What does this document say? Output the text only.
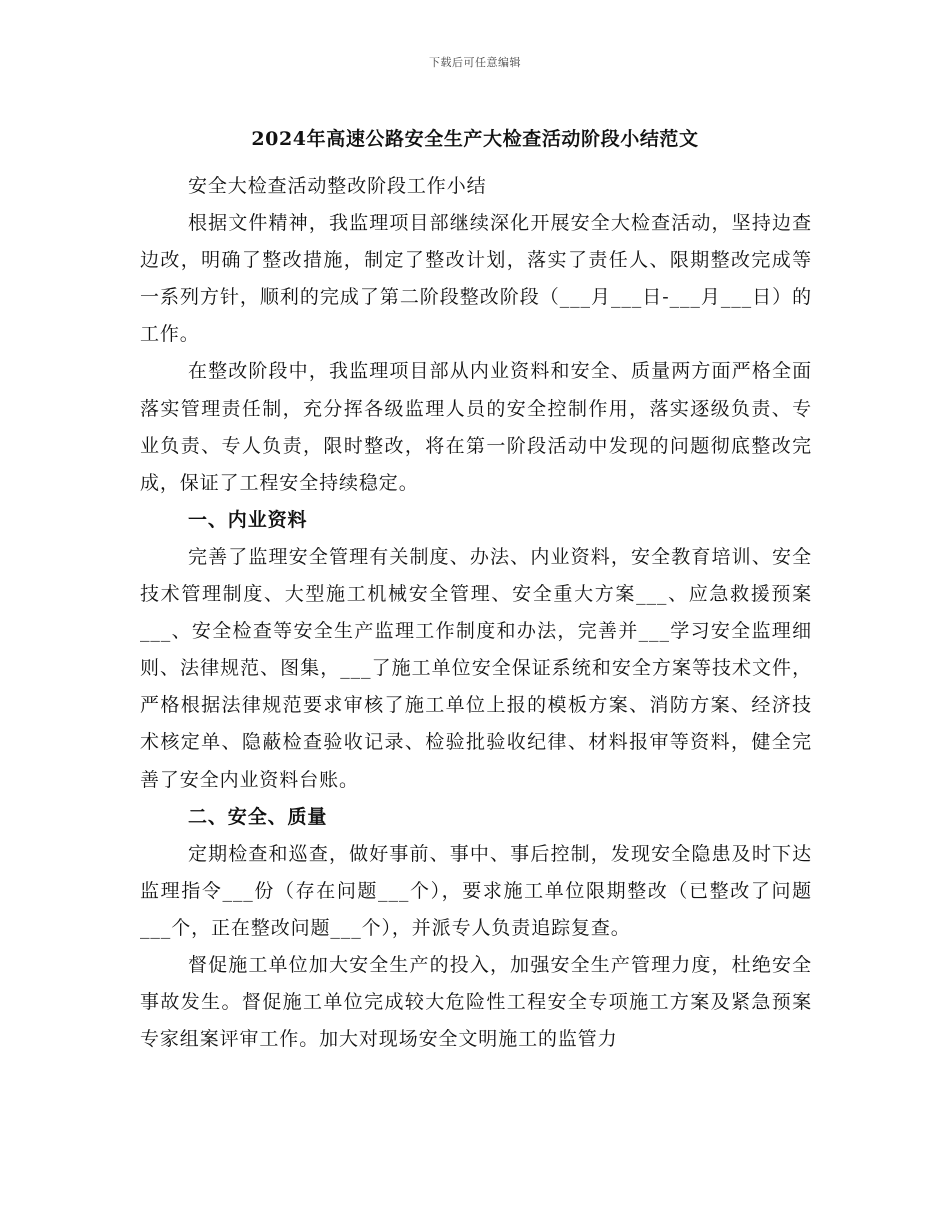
下载后可任意编辑
2024年高速公路安全生产大检查活动阶段小结范文

安全大检查活动整改阶段工作小结

根据文件精神，我监理项目部继续深化开展安全大检查活动，坚持边查边改，明确了整改措施，制定了整改计划，落实了责任人、限期整改完成等一系列方针，顺利的完成了第二阶段整改阶段（___月___日-___月___日）的工作。

在整改阶段中，我监理项目部从内业资料和安全、质量两方面严格全面落实管理责任制，充分挥各级监理人员的安全控制作用，落实逐级负责、专业负责、专人负责，限时整改，将在第一阶段活动中发现的问题彻底整改完成，保证了工程安全持续稳定。

一、内业资料

完善了监理安全管理有关制度、办法、内业资料，安全教育培训、安全技术管理制度、大型施工机械安全管理、安全重大方案___、应急救援预案___、安全检查等安全生产监理工作制度和办法，完善并___学习安全监理细则、法律规范、图集，___了施工单位安全保证系统和安全方案等技术文件，严格根据法律规范要求审核了施工单位上报的模板方案、消防方案、经济技术核定单、隐蔽检查验收记录、检验批验收纪律、材料报审等资料，健全完善了安全内业资料台账。

二、安全、质量

定期检查和巡查，做好事前、事中、事后控制，发现安全隐患及时下达监理指令___份（存在问题___个），要求施工单位限期整改（已整改了问题___个，正在整改问题___个），并派专人负责追踪复查。

督促施工单位加大安全生产的投入，加强安全生产管理力度，杜绝安全事故发生。督促施工单位完成较大危险性工程安全专项施工方案及紧急预案专家组案评审工作。加大对现场安全文明施工的监管力
